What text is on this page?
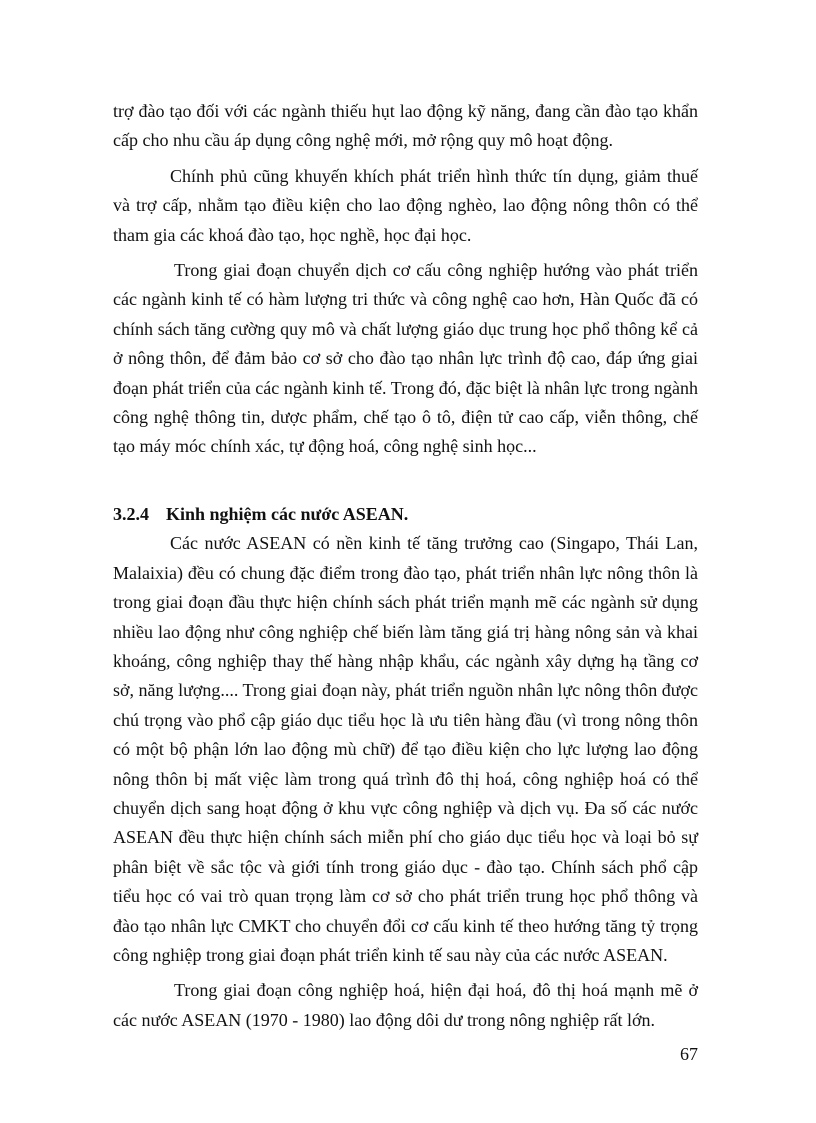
trợ đào tạo đối với các ngành thiếu hụt lao động kỹ năng, đang cần đào tạo khẩn cấp cho nhu cầu áp dụng công nghệ mới, mở rộng quy mô hoạt động.

Chính phủ cũng khuyến khích phát triển hình thức tín dụng, giảm thuế và trợ cấp, nhằm tạo điều kiện cho lao động nghèo, lao động nông thôn có thể tham gia các khoá đào tạo, học nghề, học đại học.

Trong giai đoạn chuyển dịch cơ cấu công nghiệp hướng vào phát triển các ngành kinh tế có hàm lượng tri thức và công nghệ cao hơn, Hàn Quốc đã có chính sách tăng cường quy mô và chất lượng giáo dục trung học phổ thông kể cả ở nông thôn, để đảm bảo cơ sở cho đào tạo nhân lực trình độ cao, đáp ứng giai đoạn phát triển của các ngành kinh tế. Trong đó, đặc biệt là nhân lực trong ngành công nghệ thông tin, dược phẩm, chế tạo ô tô, điện tử cao cấp, viễn thông, chế tạo máy móc chính xác, tự động hoá, công nghệ sinh học...

3.2.4 Kinh nghiệm các nước ASEAN.

Các nước ASEAN có nền kinh tế tăng trưởng cao (Singapo, Thái Lan, Malaixia) đều có chung đặc điểm trong đào tạo, phát triển nhân lực nông thôn là trong giai đoạn đầu thực hiện chính sách phát triển mạnh mẽ các ngành sử dụng nhiều lao động như công nghiệp chế biến làm tăng giá trị hàng nông sản và khai khoáng, công nghiệp thay thế hàng nhập khẩu, các ngành xây dựng hạ tầng cơ sở, năng lượng.... Trong giai đoạn này, phát triển nguồn nhân lực nông thôn được chú trọng vào phổ cập giáo dục tiểu học là ưu tiên hàng đầu (vì trong nông thôn có một bộ phận lớn lao động mù chữ) để tạo điều kiện cho lực lượng lao động nông thôn bị mất việc làm trong quá trình đô thị hoá, công nghiệp hoá có thể chuyển dịch sang hoạt động ở khu vực công nghiệp và dịch vụ. Đa số các nước ASEAN đều thực hiện chính sách miễn phí cho giáo dục tiểu học và loại bỏ sự phân biệt về sắc tộc và giới tính trong giáo dục - đào tạo. Chính sách phổ cập tiểu học có vai trò quan trọng làm cơ sở cho phát triển trung học phổ thông và đào tạo nhân lực CMKT cho chuyển đổi cơ cấu kinh tế theo hướng tăng tỷ trọng công nghiệp trong giai đoạn phát triển kinh tế sau này của các nước ASEAN.

Trong giai đoạn công nghiệp hoá, hiện đại hoá, đô thị hoá mạnh mẽ ở các nước ASEAN (1970 - 1980) lao động dôi dư trong nông nghiệp rất lớn.

67
